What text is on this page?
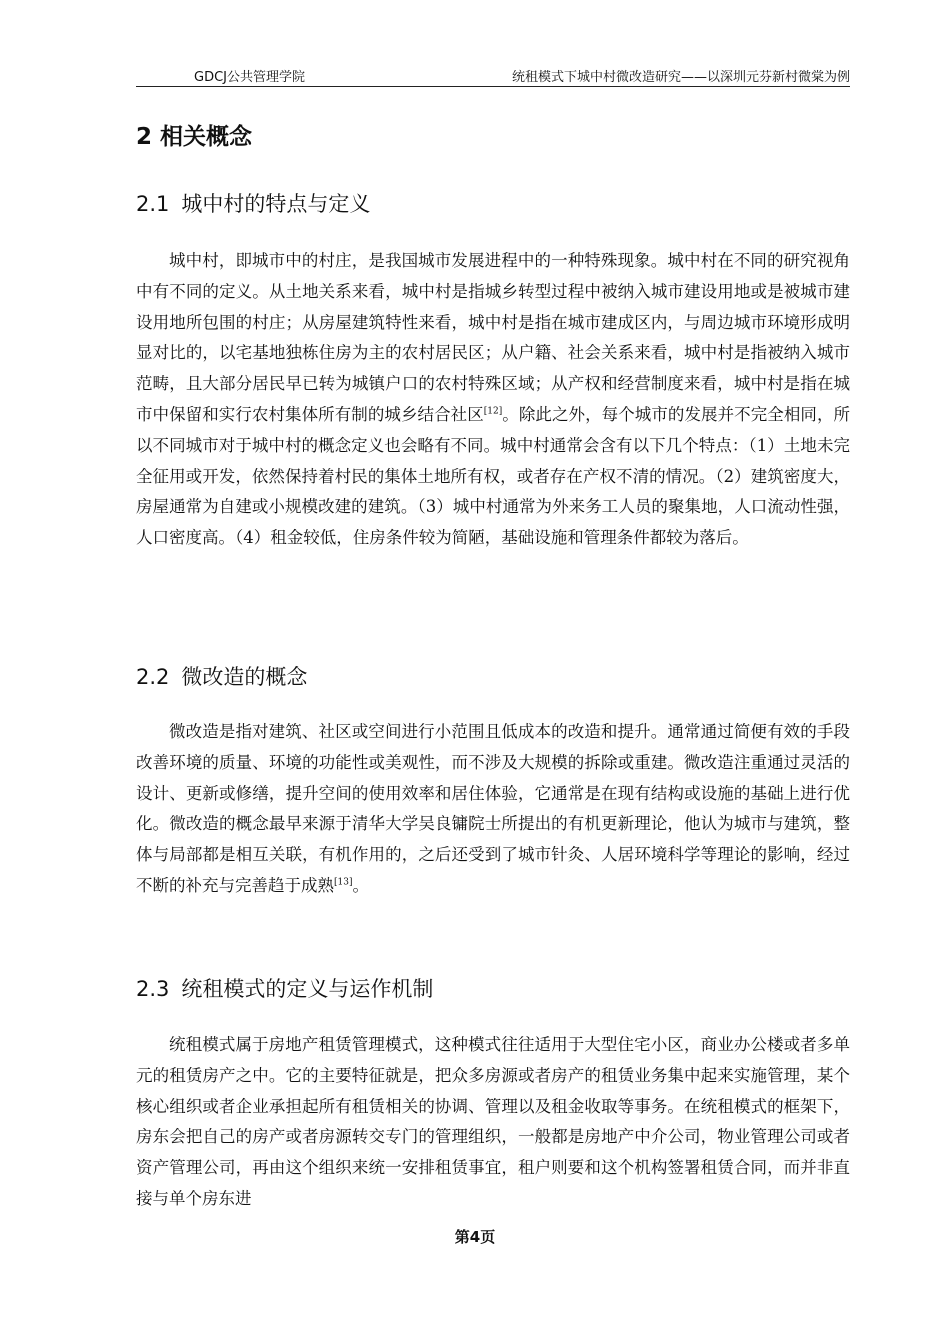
GDCJ公共管理学院	统租模式下城中村微改造研究——以深圳元芬新村微棠为例
2 相关概念
2.1 城中村的特点与定义

城中村，即城市中的村庄，是我国城市发展进程中的一种特殊现象。城中村在不同的研究视角中有不同的定义。从土地关系来看，城中村是指城乡转型过程中被纳入城市建设用地或是被城市建设用地所包围的村庄；从房屋建筑特性来看，城中村是指在城市建成区内，与周边城市环境形成明显对比的，以宅基地独栋住房为主的农村居民区；从户籍、社会关系来看，城中村是指被纳入城市范畴，且大部分居民早已转为城镇户口的农村特殊区域；从产权和经营制度来看，城中村是指在城市中保留和实行农村集体所有制的城乡结合社区[12]。除此之外，每个城市的发展并不完全相同，所以不同城市对于城中村的概念定义也会略有不同。城中村通常会含有以下几个特点：（1）土地未完全征用或开发，依然保持着村民的集体土地所有权，或者存在产权不清的情况。（2）建筑密度大，房屋通常为自建或小规模改建的建筑。（3）城中村通常为外来务工人员的聚集地，人口流动性强，人口密度高。（4）租金较低，住房条件较为简陋，基础设施和管理条件都较为落后。

2.2 微改造的概念

微改造是指对建筑、社区或空间进行小范围且低成本的改造和提升。通常通过简便有效的手段改善环境的质量、环境的功能性或美观性，而不涉及大规模的拆除或重建。微改造注重通过灵活的设计、更新或修缮，提升空间的使用效率和居住体验，它通常是在现有结构或设施的基础上进行优化。微改造的概念最早来源于清华大学吴良镛院士所提出的有机更新理论，他认为城市与建筑，整体与局部都是相互关联，有机作用的，之后还受到了城市针灸、人居环境科学等理论的影响，经过不断的补充与完善趋于成熟[13]。

2.3 统租模式的定义与运作机制

统租模式属于房地产租赁管理模式，这种模式往往适用于大型住宅小区，商业办公楼或者多单元的租赁房产之中。它的主要特征就是，把众多房源或者房产的租赁业务集中起来实施管理，某个核心组织或者企业承担起所有租赁相关的协调、管理以及租金收取等事务。在统租模式的框架下，房东会把自己的房产或者房源转交专门的管理组织，一般都是房地产中介公司，物业管理公司或者资产管理公司，再由这个组织来统一安排租赁事宜，租户则要和这个机构签署租赁合同，而并非直接与单个房东进

第4页
